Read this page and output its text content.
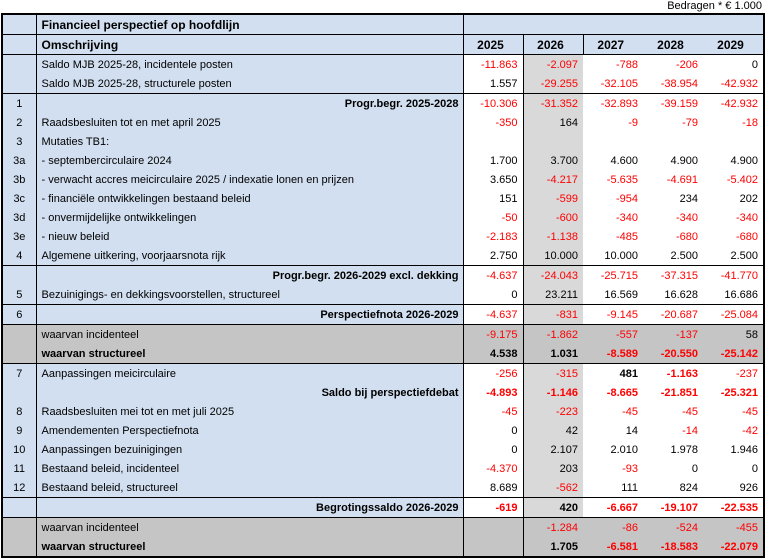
Bedragen * € 1.000
	Financieel perspectief op hoofdlijn					
	Omschrijving	2025	2026	2027	2028	2029
	Saldo MJB 2025-28, incidentele posten	-11.863	-2.097	-788	-206	0
	Saldo MJB 2025-28, structurele posten	1.557	-29.255	-32.105	-38.954	-42.932
1	Progr.begr. 2025-2028	-10.306	-31.352	-32.893	-39.159	-42.932
2	Raadsbesluiten tot en met april 2025	-350	164	-9	-79	-18
3	Mutaties TB1:					
3a	- septembercirculaire 2024	1.700	3.700	4.600	4.900	4.900
3b	- verwacht accres meicirculaire 2025 / indexatie lonen en prijzen	3.650	-4.217	-5.635	-4.691	-5.402
3c	- financiële ontwikkelingen bestaand beleid	151	-599	-954	234	202
3d	- onvermijdelijke ontwikkelingen	-50	-600	-340	-340	-340
3e	- nieuw beleid	-2.183	-1.138	-485	-680	-680
4	Algemene uitkering, voorjaarsnota rijk	2.750	10.000	10.000	2.500	2.500
	Progr.begr. 2026-2029 excl. dekking	-4.637	-24.043	-25.715	-37.315	-41.770
5	Bezuinigings- en dekkingsvoorstellen, structureel	0	23.211	16.569	16.628	16.686
6	Perspectiefnota 2026-2029	-4.637	-831	-9.145	-20.687	-25.084
	waarvan incidenteel	-9.175	-1.862	-557	-137	58
	waarvan structureel	4.538	1.031	-8.589	-20.550	-25.142
7	Aanpassingen meicirculaire	-256	-315	481	-1.163	-237
	Saldo bij perspectiefdebat	-4.893	-1.146	-8.665	-21.851	-25.321
8	Raadsbesluiten mei tot en met juli 2025	-45	-223	-45	-45	-45
9	Amendementen Perspectiefnota	0	42	14	-14	-42
10	Aanpassingen bezuinigingen	0	2.107	2.010	1.978	1.946
11	Bestaand beleid, incidenteel	-4.370	203	-93	0	0
12	Bestaand beleid, structureel	8.689	-562	111	824	926
	Begrotingssaldo 2026-2029	-619	420	-6.667	-19.107	-22.535
	waarvan incidenteel		-1.284	-86	-524	-455
	waarvan structureel		1.705	-6.581	-18.583	-22.079
